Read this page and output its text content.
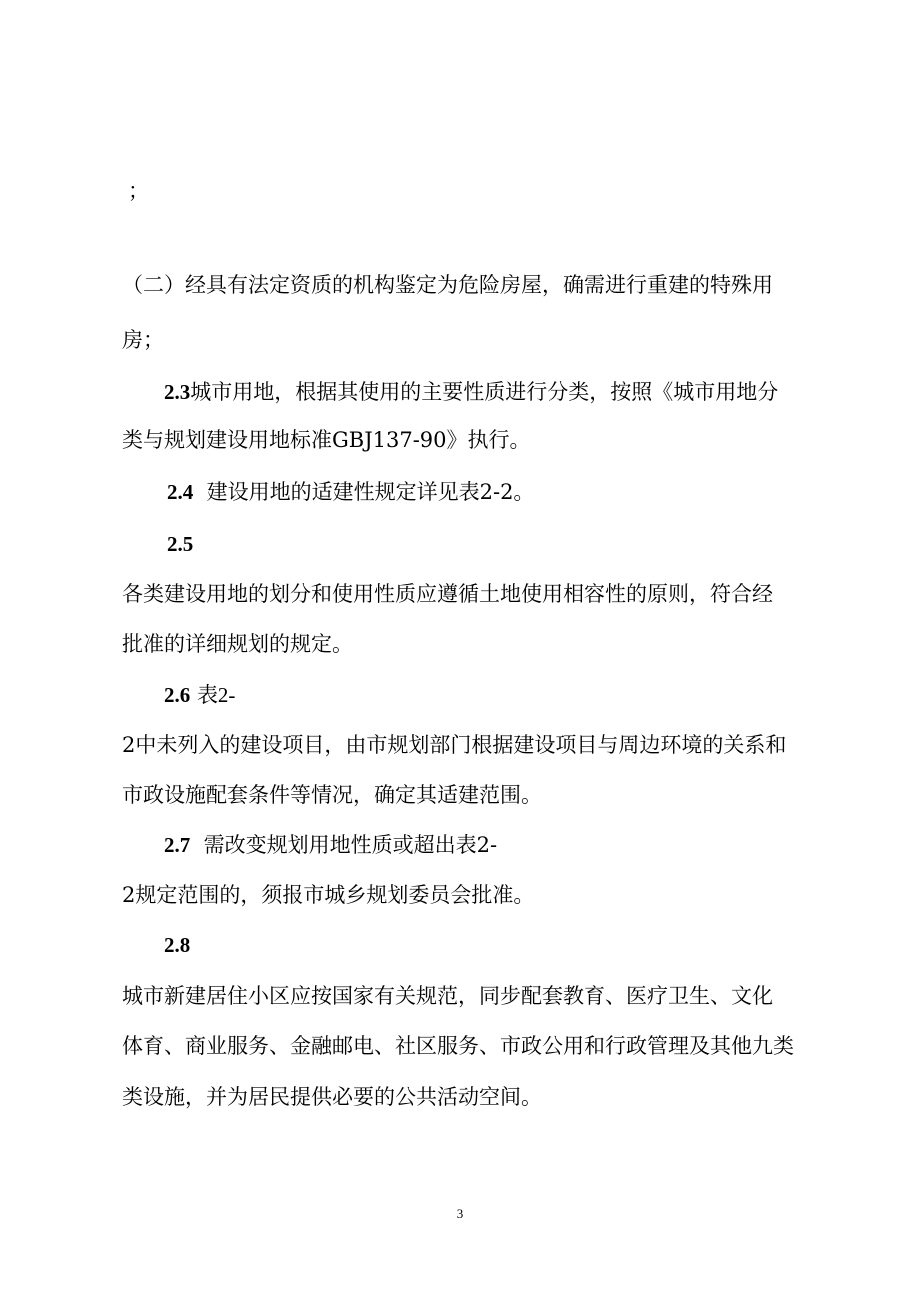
；
（二）经具有法定资质的机构鉴定为危险房屋，确需进行重建的特殊用
房；
2.3城市用地，根据其使用的主要性质进行分类，按照《城市用地分
类与规划建设用地标准GBJ137-90》执行。
2.4 建设用地的适建性规定详见表2-2。
2.5
各类建设用地的划分和使用性质应遵循土地使用相容性的原则，符合经
批准的详细规划的规定。
2.6 表2-
2中未列入的建设项目，由市规划部门根据建设项目与周边环境的关系和
市政设施配套条件等情况，确定其适建范围。
2.7 需改变规划用地性质或超出表2-
2规定范围的，须报市城乡规划委员会批准。
2.8
城市新建居住小区应按国家有关规范，同步配套教育、医疗卫生、文化
体育、商业服务、金融邮电、社区服务、市政公用和行政管理及其他九类
类设施，并为居民提供必要的公共活动空间。
3
